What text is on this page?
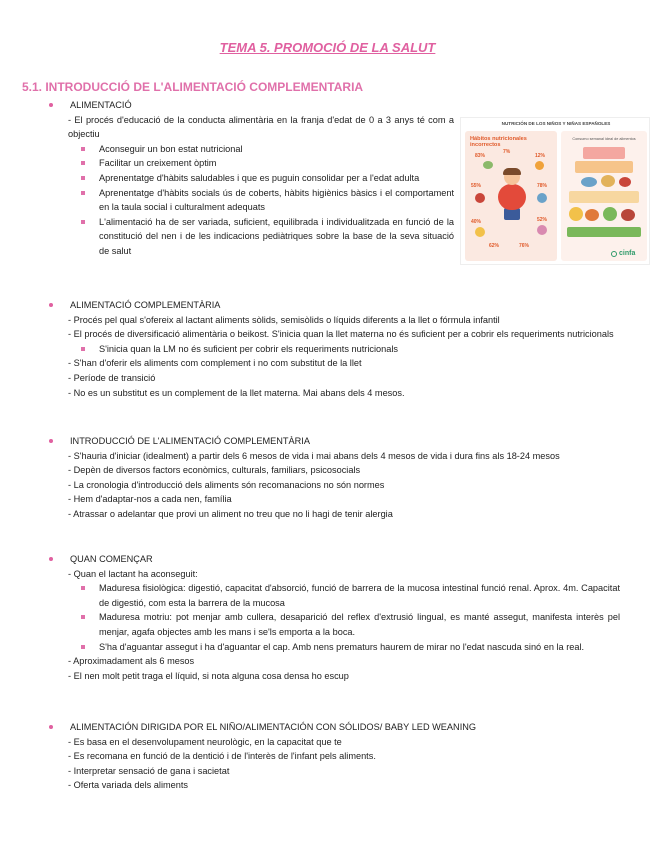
TEMA 5. PROMOCIÓ DE LA SALUT

5.1. INTRODUCCIÓ DE L'ALIMENTACIÓ COMPLEMENTARIA

ALIMENTACIÓ

- El procés d'educació de la conducta alimentària en la franja d'edat de 0 a 3 anys té com a objectiu

Aconseguir un bon estat nutricional

Facilitar un creixement òptim

Aprenentatge d'hàbits saludables i que es puguin consolidar per a l'edat adulta

Aprenentatge d'hàbits socials ús de coberts, hàbits higiènics bàsics i el comportament en la taula social i culturalment adequats

L'alimentació ha de ser variada, suficient, equilibrada i individualitzada en funció de la constitució del nen i de les indicacions pediàtriques sobre la base de la seva situació de salut

NUTRICIÓN DE LOS NIÑOS Y NIÑAS ESPAÑOLES
Hábitos nutricionales incorrectos
83%
7%
12%
55%	78%
40%	52%
62%	76%
Consumo semanal ideal de alimentos
cinfa

ALIMENTACIÓ COMPLEMENTÀRIA

- Procés pel qual s'ofereix al lactant aliments sòlids, semisòlids o líquids diferents a la llet o fórmula infantil

- El procés de diversificació alimentària o beikost. S'inicia quan la llet materna no és suficient per a cobrir els requeriments nutricionals

S'inicia quan la LM no és suficient per cobrir els requeriments nutricionals

- S'han d'oferir els aliments com complement i no com substitut de la llet

- Període de transició

- No es un substitut es un complement de la llet materna. Mai abans dels 4 mesos.

INTRODUCCIÓ DE L'ALIMENTACIÓ COMPLEMENTÀRIA

- S'hauria d'iniciar (idealment) a partir dels 6 mesos de vida i mai abans dels 4 mesos de vida i dura fins als 18-24 mesos

- Depèn de diversos factors econòmics, culturals, familiars, psicosocials

- La cronologia d'introducció dels aliments són recomanacions no són normes

- Hem d'adaptar-nos a cada nen, família

- Atrassar o adelantar que provi un aliment no treu que no li hagi de tenir alergia

QUAN COMENÇAR

- Quan el lactant ha aconseguit:

Maduresa fisiològica: digestió, capacitat d'absorció, funció de barrera de la mucosa intestinal funció renal. Aprox. 4m. Capacitat de digestió, com esta la barrera de la mucosa

Maduresa motriu: pot menjar amb cullera, desaparició del reflex d'extrusió lingual, es manté assegut, manifesta interès pel menjar, agafa objectes amb les mans i se'ls emporta a la boca.

S'ha d'aguantar assegut i ha d'aguantar el cap. Amb nens prematurs haurem de mirar no l'edat nascuda sinó en la real.

- Aproximadament als 6 mesos

- El nen molt petit traga el líquid, si nota alguna cosa densa ho escup

ALIMENTACIÓN DIRIGIDA POR EL NIÑO/ALIMENTACIÓN CON SÓLIDOS/ BABY LED WEANING

- Es basa en el desenvolupament neurològic, en la capacitat que te

- Es recomana en funció de la dentició i de l'interès de l'infant pels aliments.

- Interpretar sensació de gana i sacietat

- Oferta variada dels aliments
